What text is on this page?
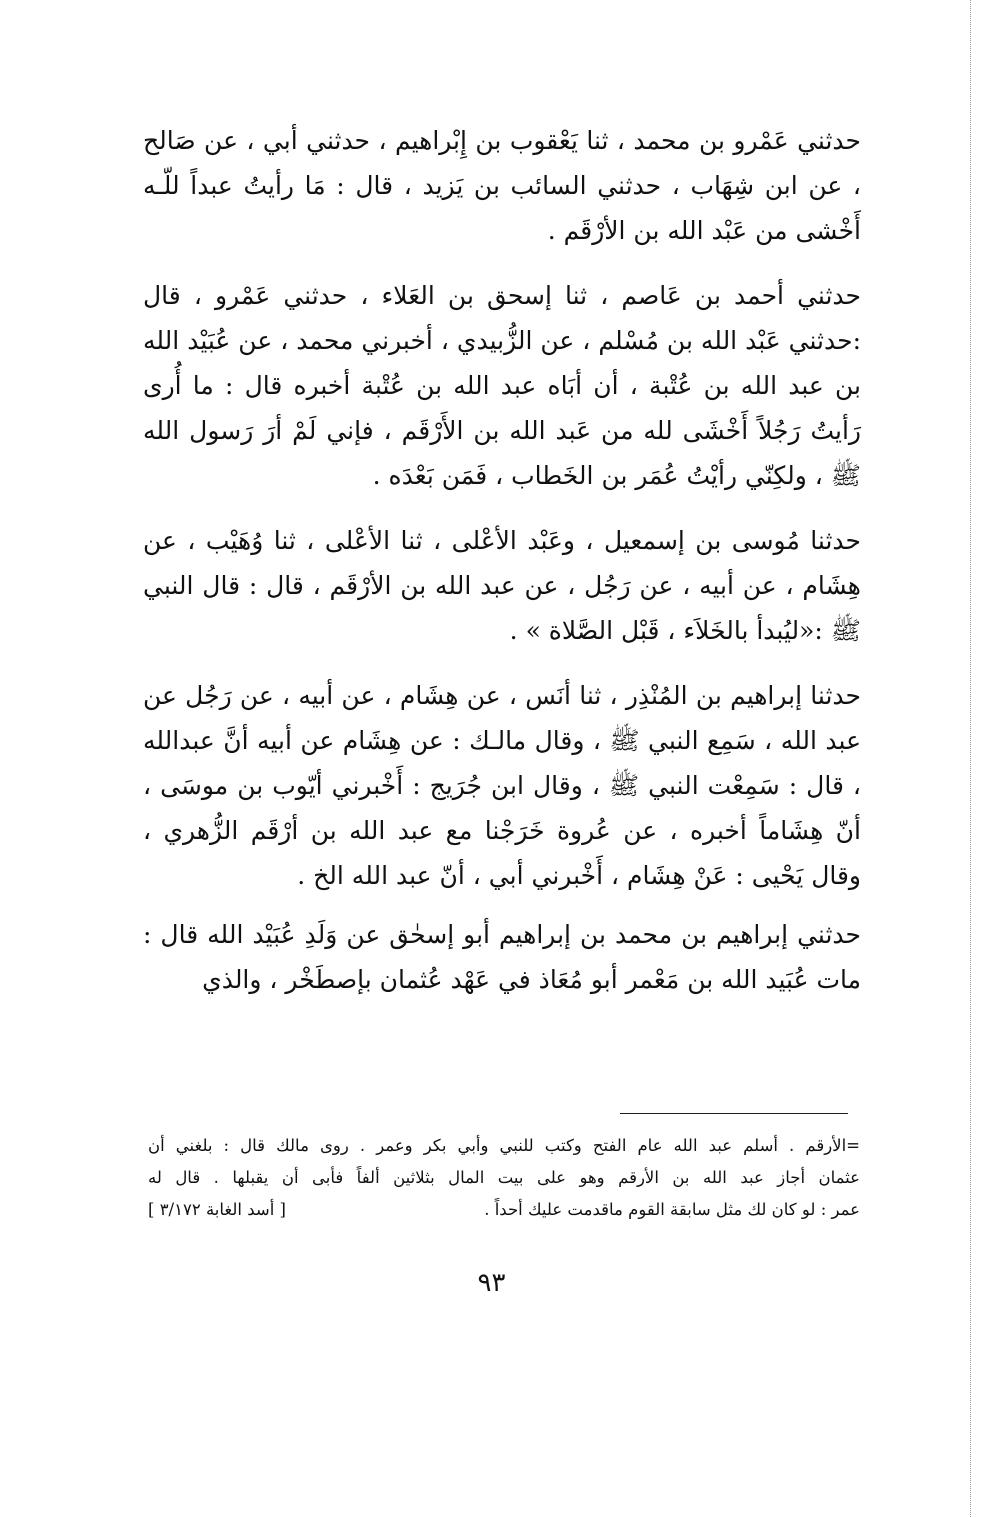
حدثني عَمْرو بن محمد ، ثنا يَعْقوب بن إِبْراهيم ، حدثني أبي ، عن صَالح ، عن ابن شِهَاب ، حدثني السائب بن يَزيد ، قال : مَا رأيتُ عبداً للّـه أَخْشى من عَبْد الله بن الأرْقَم .

حدثني أحمد بن عَاصم ، ثنا إسحق بن العَلاء ، حدثني عَمْرو ، قال :حدثني عَبْد الله بن مُسْلم ، عن الزُّبيدي ، أخبرني محمد ، عن عُبَيْد الله بن عبد الله بن عُتْبة ، أن أبَاه عبد الله بن عُتْبة أخبره قال : ما أُرى رَأيتُ رَجُلاً أَخْشَى لله من عَبد الله بن الأَرْقَم ، فإني لَمْ أرَ رَسول الله ﷺ ، ولكِنّي رأيْتُ عُمَر بن الخَطاب ، فَمَن بَعْدَه .

حدثنا مُوسى بن إسمعيل ، وعَبْد الأعْلى ، ثنا الأعْلى ، ثنا وُهَيْب ، عن هِشَام ، عن أبيه ، عن رَجُل ، عن عبد الله بن الأرْقَم ، قال : قال النبي ﷺ :«ليُبدأ بالخَلاَء ، قَبْل الصَّلاة » .

حدثنا إبراهيم بن المُنْذِر ، ثنا أنَس ، عن هِشَام ، عن أبيه ، عن رَجُل عن عبد الله ، سَمِع النبي ﷺ ، وقال مالـك : عن هِشَام عن أبيه أنَّ عبدالله ، قال : سَمِعْت النبي ﷺ ، وقال ابن جُرَيج : أَخْبرني أيّوب بن موسَى ، أنّ هِشَاماً أخبره ، عن عُروة خَرَجْنا مع عبد الله بن أرْقَم الزُّهري ، وقال يَحْيى : عَنْ هِشَام ، أَخْبرني أبي ، أنّ عبد الله الخ .

حدثني إبراهيم بن محمد بن إبراهيم أبو إسحٰق عن وَلَدِ عُبَيْد الله قال : مات عُبَيد الله بن مَعْمر أبو مُعَاذ في عَهْد عُثمان بإصطَخْر ، والذي

=الأرقم . أسلم عبد الله عام الفتح وكتب للنبي وأبي بكر وعمر . روى مالك قال : بلغني أن

عثمان أجاز عبد الله بن الأرقم وهو على بيت المال بثلاثين ألفاً فأبى أن يقبلها . قال له

عمر : لو كان لك مثل سابقة القوم ماقدمت عليك أحداً .
[ أسد الغابة ٣/١٧٢ ]

٩٣
